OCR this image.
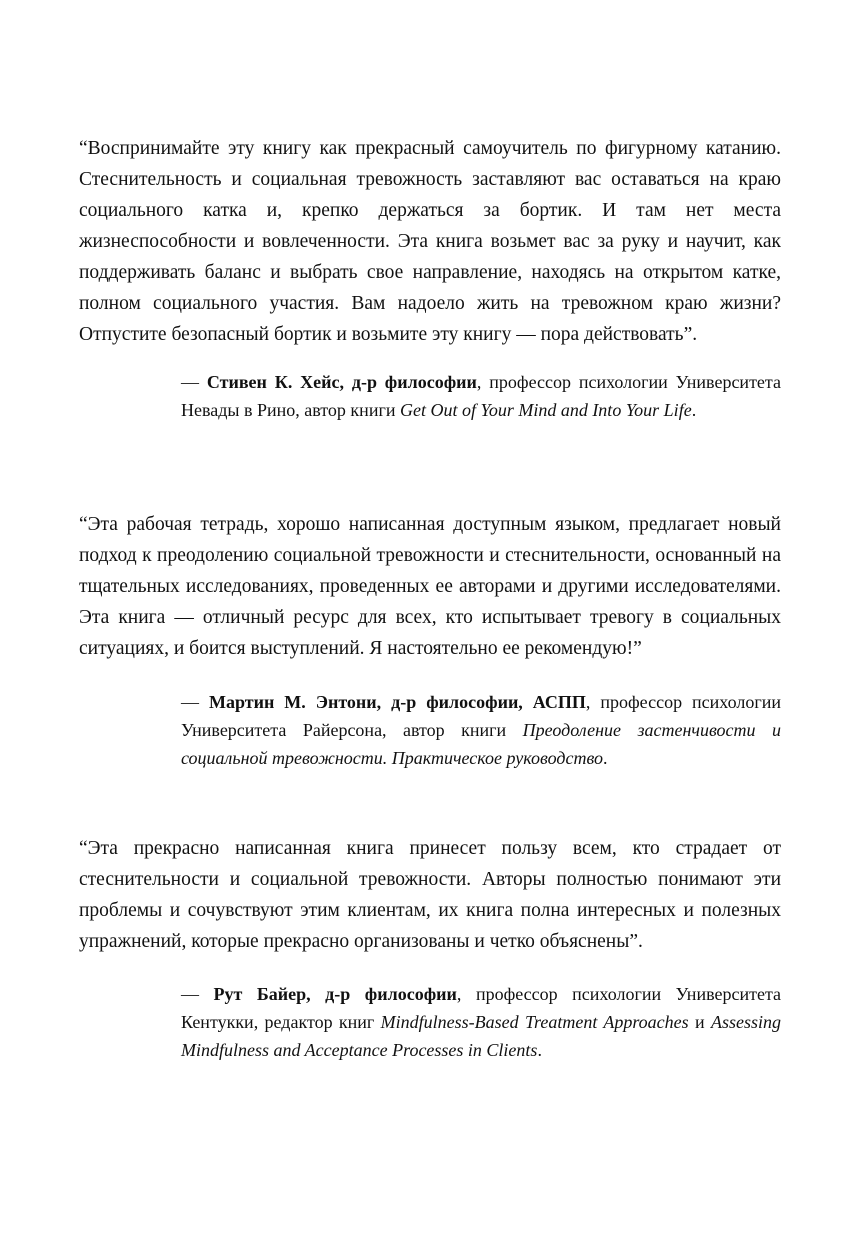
“Воспринимайте эту книгу как прекрасный самоучитель по фигурному катанию. Стеснительность и социальная тревожность заставляют вас оставаться на краю социального катка и, крепко держаться за бортик. И там нет места жизнеспособности и вовлеченности. Эта книга возьмет вас за руку и научит, как поддерживать баланс и выбрать свое направление, находясь на открытом катке, полном социального участия. Вам надоело жить на тревожном краю жизни? Отпустите безопасный бортик и возьмите эту книгу — пора действовать”.

— Стивен К. Хейс, д-р философии, профессор психологии Университета Невады в Рино, автор книги Get Out of Your Mind and Into Your Life.

“Эта рабочая тетрадь, хорошо написанная доступным языком, предлагает новый подход к преодолению социальной тревожности и стеснительности, основанный на тщательных исследованиях, проведенных ее авторами и другими исследователями. Эта книга — отличный ресурс для всех, кто испытывает тревогу в социальных ситуациях, и боится выступлений. Я настоятельно ее рекомендую!”

— Мартин М. Энтони, д-р философии, АСПП, профессор психологии Университета Райерсона, автор книги Преодоление застенчивости и социальной тревожности. Практическое руководство.

“Эта прекрасно написанная книга принесет пользу всем, кто страдает от стеснительности и социальной тревожности. Авторы полностью понимают эти проблемы и сочувствуют этим клиентам, их книга полна интересных и полезных упражнений, которые прекрасно организованы и четко объяснены”.

— Рут Байер, д-р философии, профессор психологии Университета Кентукки, редактор книг Mindfulness-Based Treatment Approaches и Assessing Mindfulness and Acceptance Processes in Clients.
